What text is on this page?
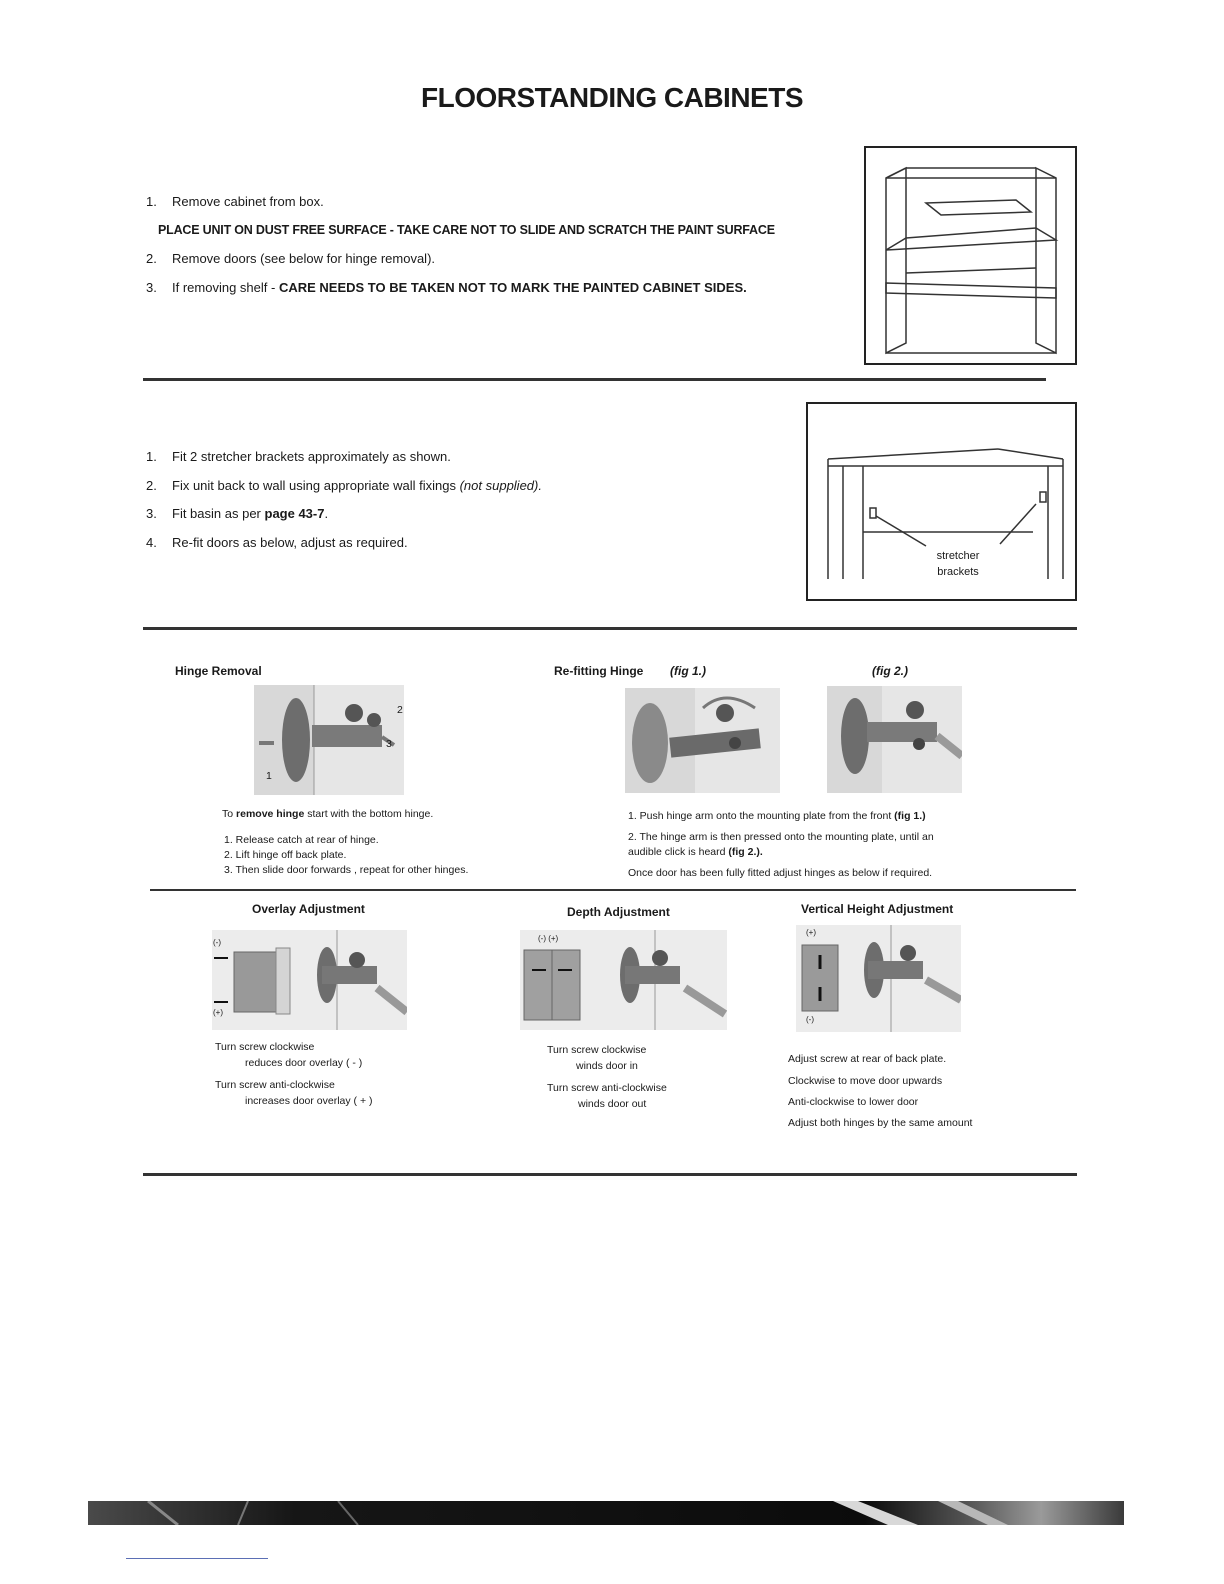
FLOORSTANDING CABINETS
1. Remove cabinet from box.
PLACE UNIT ON DUST FREE SURFACE - TAKE CARE NOT TO SLIDE AND SCRATCH THE PAINT SURFACE
2. Remove doors (see below for hinge removal).
3. If removing shelf - CARE NEEDS TO BE TAKEN NOT TO MARK THE PAINTED CABINET SIDES.
1. Fit 2 stretcher brackets approximately as shown.
2. Fix unit back to wall using appropriate wall fixings (not supplied).
3. Fit basin as per page 43-7.
4. Re-fit doors as below, adjust as required.
stretcher
brackets
Hinge Removal
1
2
3
To remove hinge start with the bottom hinge.
1. Release catch at rear of hinge.
2. Lift hinge off back plate.
3. Then slide door forwards , repeat for other hinges.
Re-fitting Hinge (fig 1.)	(fig 2.)
1. Push hinge arm onto the mounting plate from the front (fig 1.)
2. The hinge arm is then pressed onto the mounting plate, until an
audible click is heard (fig 2.).
Once door has been fully fitted adjust hinges as below if required.
Overlay Adjustment
(-)
(+)
Turn screw clockwise
reduces door overlay ( - )
Turn screw anti-clockwise
increases door overlay ( + )
Depth Adjustment
(-) (+)
Turn screw clockwise
winds door in
Turn screw anti-clockwise
winds door out
Vertical Height Adjustment
(+)
(-)
Adjust screw at rear of back plate.
Clockwise to move door upwards
Anti-clockwise to lower door
Adjust both hinges by the same amount
